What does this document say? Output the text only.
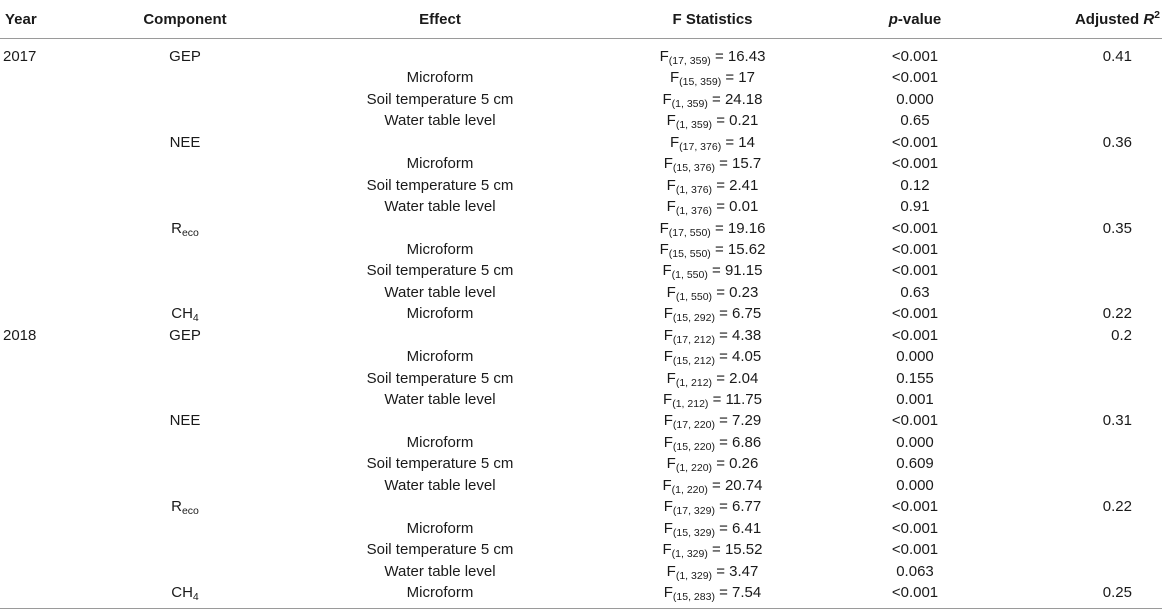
Year	Component	Effect	F Statistics	p-value	Adjusted $R^2$
2017	GEP		$F_{(17, 359)} = 16.43$	<0.001	0.41
		Microform	$F_{(15, 359)} = 17$	<0.001	
		Soil temperature 5 cm	$F_{(1, 359)} = 24.18$	0.000	
		Water table level	$F_{(1, 359)} = 0.21$	0.65	
	NEE		$F_{(17, 376)} = 14$	<0.001	0.36
		Microform	$F_{(15, 376)} = 15.7$	<0.001	
		Soil temperature 5 cm	$F_{(1, 376)} = 2.41$	0.12	
		Water table level	$F_{(1, 376)} = 0.01$	0.91	
	$R_{eco}$		$F_{(17, 550)} = 19.16$	<0.001	0.35
		Microform	$F_{(15, 550)} = 15.62$	<0.001	
		Soil temperature 5 cm	$F_{(1, 550)} = 91.15$	<0.001	
		Water table level	$F_{(1, 550)} = 0.23$	0.63	
	$CH_4$	Microform	$F_{(15, 292)} = 6.75$	<0.001	0.22
2018	GEP		$F_{(17, 212)} = 4.38$	<0.001	0.2
		Microform	$F_{(15, 212)} = 4.05$	0.000	
		Soil temperature 5 cm	$F_{(1, 212)} = 2.04$	0.155	
		Water table level	$F_{(1, 212)} = 11.75$	0.001	
	NEE		$F_{(17, 220)} = 7.29$	<0.001	0.31
		Microform	$F_{(15, 220)} = 6.86$	0.000	
		Soil temperature 5 cm	$F_{(1, 220)} = 0.26$	0.609	
		Water table level	$F_{(1, 220)} = 20.74$	0.000	
	$R_{eco}$		$F_{(17, 329)} = 6.77$	<0.001	0.22
		Microform	$F_{(15, 329)} = 6.41$	<0.001	
		Soil temperature 5 cm	$F_{(1, 329)} = 15.52$	<0.001	
		Water table level	$F_{(1, 329)} = 3.47$	0.063	
	$CH_4$	Microform	$F_{(15, 283)} = 7.54$	<0.001	0.25
